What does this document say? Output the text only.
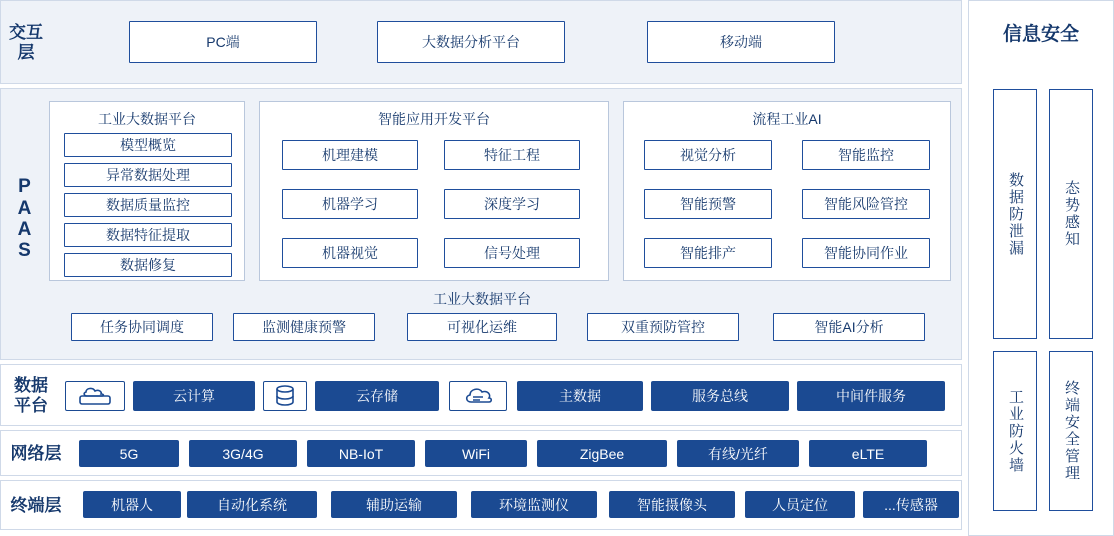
交互层
PC端	大数据分析平台	移动端
P
A
A
S
工业大数据平台
模型概览
异常数据处理
数据质量监控
数据特征提取
数据修复
智能应用开发平台
机理建模	特征工程
机器学习	深度学习
机器视觉	信号处理
流程工业AI
视觉分析	智能监控
智能预警	智能风险管控
智能排产	智能协同作业
工业大数据平台
任务协同调度	监测健康预警	可视化运维	双重预防管控	智能AI分析
数据
平台	云计算	云存储	主数据	服务总线	中间件服务
网络层	5G	3G/4G	NB-IoT	WiFi	ZigBee	有线/光纤	eLTE
终端层	机器人	自动化系统	辅助运输	环境监测仪	智能摄像头	人员定位	...传感器
信息安全
数据防泄漏	态势感知
工业防火墙	终端安全管理
